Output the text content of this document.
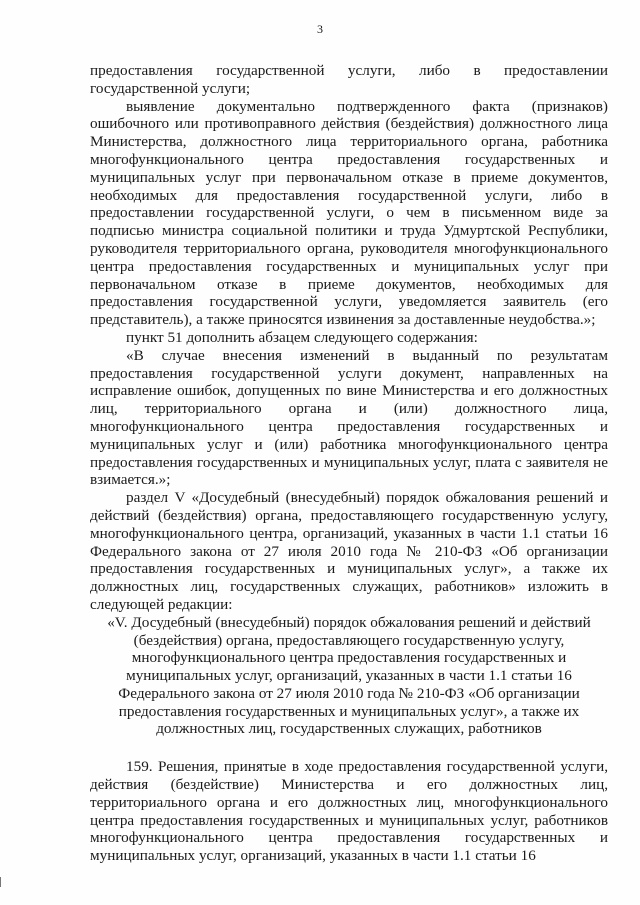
3

предоставления государственной услуги, либо в предоставлении государственной услуги;

выявление документально подтвержденного факта (признаков) ошибочного или противоправного действия (бездействия) должностного лица Министерства, должностного лица территориального органа, работника многофункционального центра предоставления государственных и муниципальных услуг при первоначальном отказе в приеме документов, необходимых для предоставления государственной услуги, либо в предоставлении государственной услуги, о чем в письменном виде за подписью министра социальной политики и труда Удмуртской Республики, руководителя территориального органа, руководителя многофункционального центра предоставления государственных и муниципальных услуг при первоначальном отказе в приеме документов, необходимых для предоставления государственной услуги, уведомляется заявитель (его представитель), а также приносятся извинения за доставленные неудобства.»;

пункт 51 дополнить абзацем следующего содержания:

«В случае внесения изменений в выданный по результатам предоставления государственной услуги документ, направленных на исправление ошибок, допущенных по вине Министерства и его должностных лиц, территориального органа и (или) должностного лица, многофункционального центра предоставления государственных и муниципальных услуг и (или) работника многофункционального центра предоставления государственных и муниципальных услуг, плата с заявителя не взимается.»;

раздел V «Досудебный (внесудебный) порядок обжалования решений и действий (бездействия) органа, предоставляющего государственную услугу, многофункционального центра, организаций, указанных в части 1.1 статьи 16 Федерального закона от 27 июля 2010 года № 210-ФЗ «Об организации предоставления государственных и муниципальных услуг», а также их должностных лиц, государственных служащих, работников» изложить в следующей редакции:

«V. Досудебный (внесудебный) порядок обжалования решений и действий (бездействия) органа, предоставляющего государственную услугу, многофункционального центра предоставления государственных и муниципальных услуг, организаций, указанных в части 1.1 статьи 16 Федерального закона от 27 июля 2010 года № 210-ФЗ «Об организации предоставления государственных и муниципальных услуг», а также их должностных лиц, государственных служащих, работников

159. Решения, принятые в ходе предоставления государственной услуги, действия (бездействие) Министерства и его должностных лиц, территориального органа и его должностных лиц, многофункционального центра предоставления государственных и муниципальных услуг, работников многофункционального центра предоставления государственных и муниципальных услуг, организаций, указанных в части 1.1 статьи 16
